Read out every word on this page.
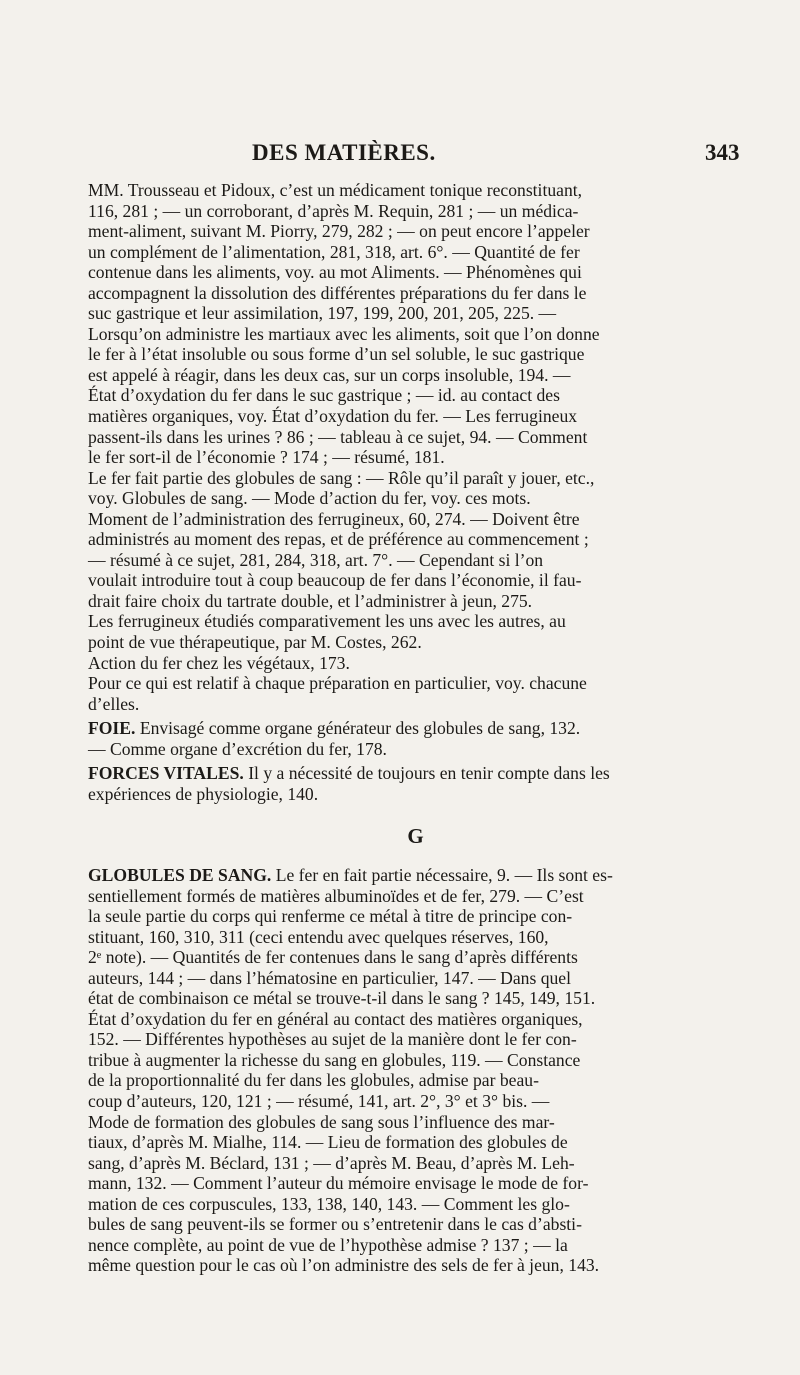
DES MATIÈRES.	343
MM. Trousseau et Pidoux, c’est un médicament tonique reconstituant,
116, 281 ; — un corroborant, d’après M. Requin, 281 ; — un médica-
ment-aliment, suivant M. Piorry, 279, 282 ; — on peut encore l’appeler
un complément de l’alimentation, 281, 318, art. 6°. — Quantité de fer
contenue dans les aliments, voy. au mot Aliments. — Phénomènes qui
accompagnent la dissolution des différentes préparations du fer dans le
suc gastrique et leur assimilation, 197, 199, 200, 201, 205, 225. —
Lorsqu’on administre les martiaux avec les aliments, soit que l’on donne
le fer à l’état insoluble ou sous forme d’un sel soluble, le suc gastrique
est appelé à réagir, dans les deux cas, sur un corps insoluble, 194. —
État d’oxydation du fer dans le suc gastrique ; — id. au contact des
matières organiques, voy. État d’oxydation du fer. — Les ferrugineux
passent-ils dans les urines ? 86 ; — tableau à ce sujet, 94. — Comment
le fer sort-il de l’économie ? 174 ; — résumé, 181.
Le fer fait partie des globules de sang : — Rôle qu’il paraît y jouer, etc.,
voy. Globules de sang. — Mode d’action du fer, voy. ces mots.
Moment de l’administration des ferrugineux, 60, 274. — Doivent être
administrés au moment des repas, et de préférence au commencement ;
— résumé à ce sujet, 281, 284, 318, art. 7°. — Cependant si l’on
voulait introduire tout à coup beaucoup de fer dans l’économie, il fau-
drait faire choix du tartrate double, et l’administrer à jeun, 275.
Les ferrugineux étudiés comparativement les uns avec les autres, au
point de vue thérapeutique, par M. Costes, 262.
Action du fer chez les végétaux, 173.
Pour ce qui est relatif à chaque préparation en particulier, voy. chacune
d’elles.
FOIE. Envisagé comme organe générateur des globules de sang, 132.
— Comme organe d’excrétion du fer, 178.
FORCES VITALES. Il y a nécessité de toujours en tenir compte dans les
expériences de physiologie, 140.
G
GLOBULES DE SANG. Le fer en fait partie nécessaire, 9. — Ils sont es-
sentiellement formés de matières albuminoïdes et de fer, 279. — C’est
la seule partie du corps qui renferme ce métal à titre de principe con-
stituant, 160, 310, 311 (ceci entendu avec quelques réserves, 160,
2ᵉ note). — Quantités de fer contenues dans le sang d’après différents
auteurs, 144 ; — dans l’hématosine en particulier, 147. — Dans quel
état de combinaison ce métal se trouve-t-il dans le sang ? 145, 149, 151.
État d’oxydation du fer en général au contact des matières organiques,
152. — Différentes hypothèses au sujet de la manière dont le fer con-
tribue à augmenter la richesse du sang en globules, 119. — Constance
de la proportionnalité du fer dans les globules, admise par beau-
coup d’auteurs, 120, 121 ; — résumé, 141, art. 2°, 3° et 3° bis. —
Mode de formation des globules de sang sous l’influence des mar-
tiaux, d’après M. Mialhe, 114. — Lieu de formation des globules de
sang, d’après M. Béclard, 131 ; — d’après M. Beau, d’après M. Leh-
mann, 132. — Comment l’auteur du mémoire envisage le mode de for-
mation de ces corpuscules, 133, 138, 140, 143. — Comment les glo-
bules de sang peuvent-ils se former ou s’entretenir dans le cas d’absti-
nence complète, au point de vue de l’hypothèse admise ? 137 ; — la
même question pour le cas où l’on administre des sels de fer à jeun, 143.
